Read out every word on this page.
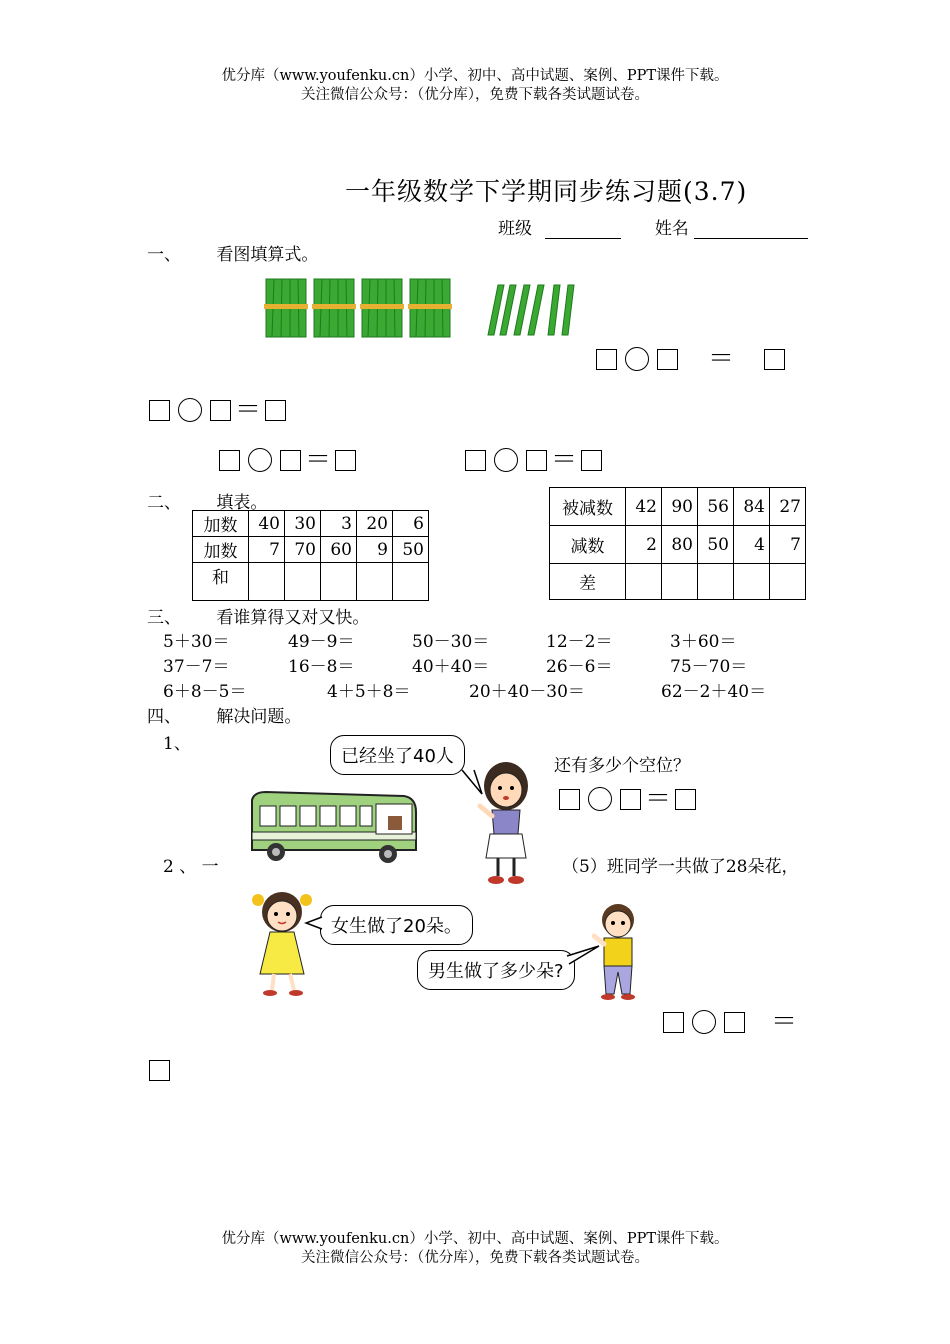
优分库（www.youfenku.cn）小学、初中、高中试题、案例、PPT课件下载。
关注微信公众号：（优分库），免费下载各类试题试卷。
一年级数学下学期同步练习题(3.7)
班级	姓名
一、 看图填算式。
＝
＝
＝	＝
二、 填表。
加数	40	30	3	20	6
加数	7	70	60	9	50
和					
被减数	42	90	56	84	27
减数	2	80	50	4	7
差					
三、 看谁算得又对又快。
5＋30＝	49－9＝	50－30＝	12－2＝	3＋60＝
37－7＝	16－8＝	40＋40＝	26－6＝	75－70＝
6＋8－5＝	4＋5＋8＝	20＋40－30＝	62－2＋40＝
四、 解决问题。
1、
已经坐了40人	还有多少个空位？
＝
2 、 一	（5）班同学一共做了28朵花，
女生做了20朵。
男生做了多少朵?
＝
优分库（www.youfenku.cn）小学、初中、高中试题、案例、PPT课件下载。
关注微信公众号：（优分库），免费下载各类试题试卷。
